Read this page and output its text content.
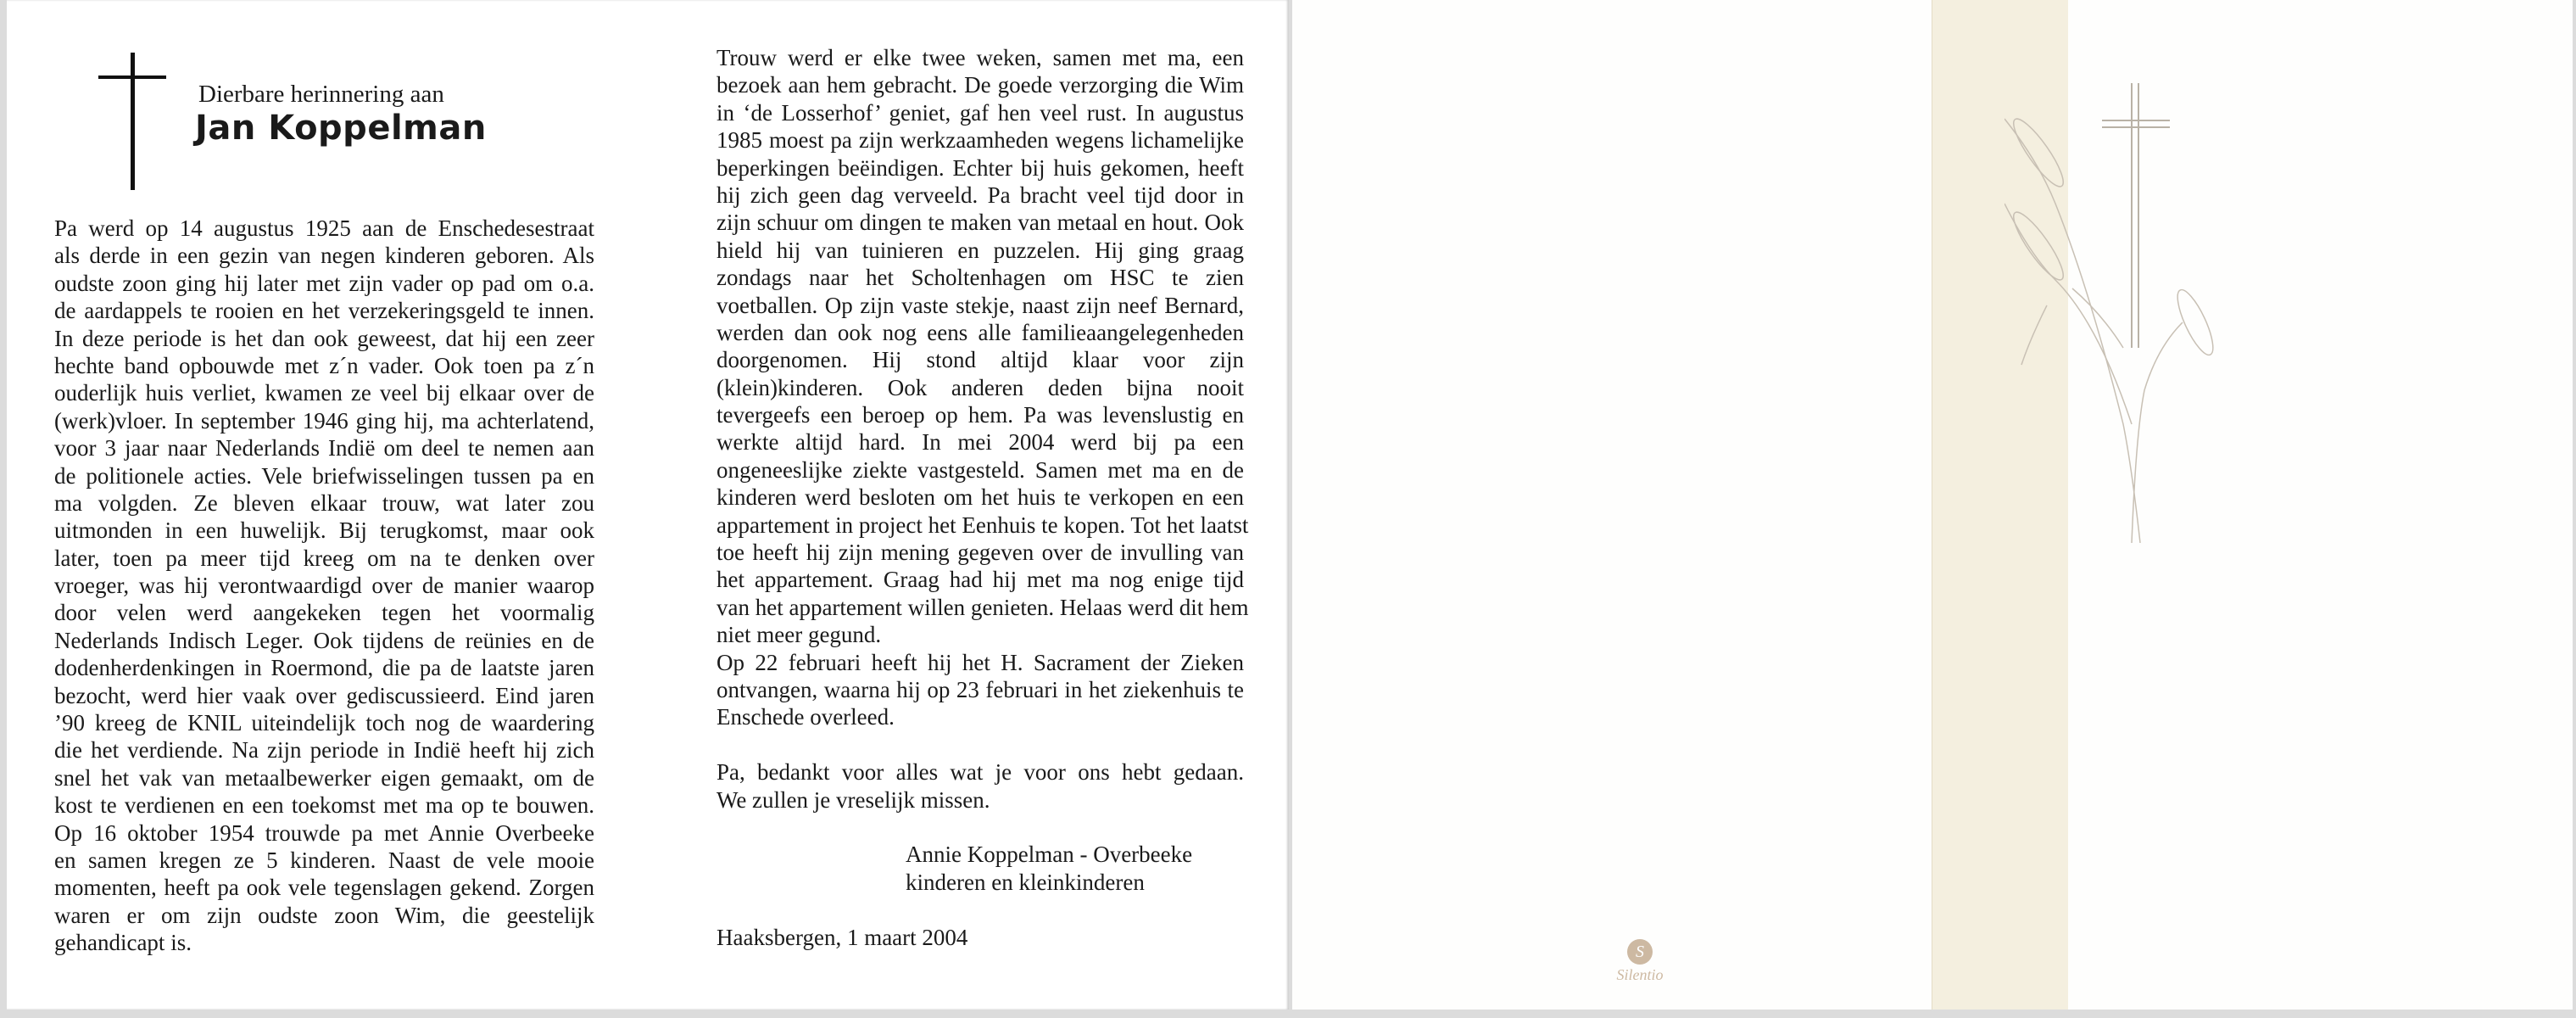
Dierbare herinnering aan
Jan Koppelman
Pa werd op 14 augustus 1925 aan de Enschedesestraat
als derde in een gezin van negen kinderen geboren. Als
oudste zoon ging hij later met zijn vader op pad om o.a.
de aardappels te rooien en het verzekeringsgeld te innen.
In deze periode is het dan ook geweest, dat hij een zeer
hechte band opbouwde met z´n vader. Ook toen pa z´n
ouderlijk huis verliet, kwamen ze veel bij elkaar over de
(werk)vloer. In september 1946 ging hij, ma achterlatend,
voor 3 jaar naar Nederlands Indië om deel te nemen aan
de politionele acties. Vele briefwisselingen tussen pa en
ma volgden. Ze bleven elkaar trouw, wat later zou
uitmonden in een huwelijk. Bij terugkomst, maar ook
later, toen pa meer tijd kreeg om na te denken over
vroeger, was hij verontwaardigd over de manier waarop
door velen werd aangekeken tegen het voormalig
Nederlands Indisch Leger. Ook tijdens de reünies en de
dodenherdenkingen in Roermond, die pa de laatste jaren
bezocht, werd hier vaak over gediscussieerd. Eind jaren
’90 kreeg de KNIL uiteindelijk toch nog de waardering
die het verdiende. Na zijn periode in Indië heeft hij zich
snel het vak van metaalbewerker eigen gemaakt, om de
kost te verdienen en een toekomst met ma op te bouwen.
Op 16 oktober 1954 trouwde pa met Annie Overbeeke
en samen kregen ze 5 kinderen. Naast de vele mooie
momenten, heeft pa ook vele tegenslagen gekend. Zorgen
waren er om zijn oudste zoon Wim, die geestelijk
gehandicapt is.
Trouw werd er elke twee weken, samen met ma, een
bezoek aan hem gebracht. De goede verzorging die Wim
in ‘de Losserhof’ geniet, gaf hen veel rust. In augustus
1985 moest pa zijn werkzaamheden wegens lichamelijke
beperkingen beëindigen. Echter bij huis gekomen, heeft
hij zich geen dag verveeld. Pa bracht veel tijd door in
zijn schuur om dingen te maken van metaal en hout. Ook
hield hij van tuinieren en puzzelen. Hij ging graag
zondags naar het Scholtenhagen om HSC te zien
voetballen. Op zijn vaste stekje, naast zijn neef Bernard,
werden dan ook nog eens alle familieaangelegenheden
doorgenomen. Hij stond altijd klaar voor zijn
(klein)kinderen. Ook anderen deden bijna nooit
tevergeefs een beroep op hem. Pa was levenslustig en
werkte altijd hard. In mei 2004 werd bij pa een
ongeneeslijke ziekte vastgesteld. Samen met ma en de
kinderen werd besloten om het huis te verkopen en een
appartement in project het Eenhuis te kopen. Tot het laatst
toe heeft hij zijn mening gegeven over de invulling van
het appartement. Graag had hij met ma nog enige tijd
van het appartement willen genieten. Helaas werd dit hem
niet meer gegund.
Op 22 februari heeft hij het H. Sacrament der Zieken
ontvangen, waarna hij op 23 februari in het ziekenhuis te
Enschede overleed.
Pa, bedankt voor alles wat je voor ons hebt gedaan.
We zullen je vreselijk missen.
Annie Koppelman - Overbeeke
kinderen en kleinkinderen
Haaksbergen, 1 maart 2004
S
Silentio
